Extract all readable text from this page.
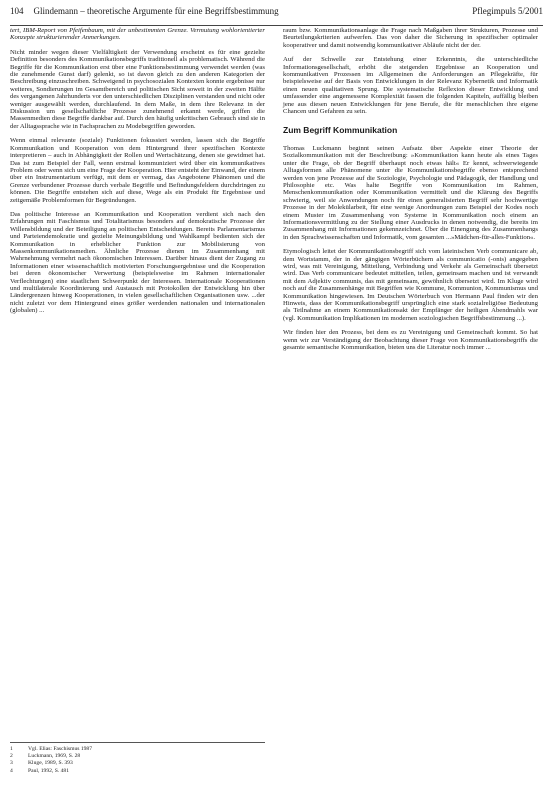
104 Glindemann – theoretische Argumente für eine Begriffsbestimmung	Pflegimpuls 5/2001

tert, IBM-Report von Pfeifenbaum, mit der unbestimmten Grenze. Vermutung wohlorientierter Konzepte strukturierender Anmerkungen.

Nicht minder wegen dieser Vielfältigkeit der Verwendung erscheint es für eine gezielte Definition besonders des Kommunikationsbegriffs traditionell als problematisch. Während die Begriffe für die Kommunikation erst über eine Funktionsbestimmung verwendet werden (was die zunehmende Gunst darf) gelenkt, so ist davon gleich zu den anderen Kategorien der Beschreibung einzuschreiben. Schweigend in psychosozialen Kontexten konnte ergebnisse nur weiteres, Sondierungen im Gesamtbereich und politischen Sicht soweit in der zweiten Hälfte des vergangenen Jahrhunderts vor den unterschiedlichen Disziplinen verstanden und nicht oder weniger ausgewählt werden, durchlaufend. In dem Maße, in dem ihre Relevanz in der Diskussion um gesellschaftliche Prozesse zunehmend erkannt werde, griffen die Massenmedien diese Begriffe dankbar auf. Durch den häufig unkritischen Gebrauch sind sie in der Alltagssprache wie in Fachsprachen zu Modebegriffen geworden.

Wenn einmal relevante (soziale) Funktionen fokussiert werden, lassen sich die Begriffe Kommunikation und Kooperation von dem Hintergrund ihrer spezifischen Kontexte interpretieren – auch in Abhängigkeit der Rollen und Wertschätzung, denen sie gewidmet hat. Das ist zum Beispiel der Fall, wenn erstmal kommuniziert wird über ein kommunikatives Problem oder wenn sich um eine Frage der Kooperation. Hier entsteht der Einwand, der einem über ein Instrumentarium verfügt, mit dem er vermag, das Angebotene Phänomen und die Grenze verbundener Prozesse durch verbale Begriffe und Befindungsfeldern durchdringen zu können. Die Begriffe entstehen sich auf diese, Wege als ein Produkt für Ergebnisse und zeitgemäße Problemformen für Begründungen.

Das politische Interesse an Kommunikation und Kooperation verdient sich nach den Erfahrungen mit Faschismus und Totalitarismus besonders auf demokratische Prozesse der Willensbildung und der Beteiligung an politischen Entscheidungen. Bereits Parlamentarismus und Parteiendemokratie und gezielte Meinungsbildung und Wahlkampf bedienten sich der Kommunikation in erheblicher Funktion zur Mobilisierung von Massenkommunikationsmedien. Ähnliche Prozesse dienen im Zusammenhang mit Wahrnehmung vermehrt nach ökonomischen Interessen. Darüber hinaus dient der Zugang zu Informationen einer wissenschaftlich motivierten Forschungsergebnisse und die Kooperation bei deren ökonomischer Verwertung (beispielsweise im Rahmen internationaler Verflechtungen) eine staatlichen Schwerpunkt der Interessen. Internationale Kooperationen und multilaterale Koordinierung und Austausch mit Protokollen der Entwicklung hin über Ländergrenzen hinweg Kooperationen, in vielen gesellschaftlichen Organisationen usw. ...der nicht zuletzt vor dem Hintergrund eines größer werdenden nationalen und internationalen (globalen) ...

raum bzw. Kommunikationsanlage die Frage nach Maßgaben ihrer Strukturen, Prozesse und Beurteilungskriterien aufwerfen. Das von daher die Sicherung in spezifischer optimaler kooperativer und damit notwendig kommunikativer Abläufe nicht der der.

Auf der Schwelle zur Entstehung einer Erkenntnis, die unterschiedliche Informationsgesellschaft, erhöht die steigenden Ergebnisse an Kooperation und kommunikativen Prozessen im Allgemeinen die Anforderungen an Pflegekräfte, für beispielsweise auf der Basis von Entwicklungen in der Relevanz Kybernetik und Informatik einen neuen qualitativen Sprung. Die systematische Reflexion dieser Entwicklung und umfassender eine angemessene Komplexität fassen die folgenden Kapiteln, auffällig bleiben jene aus diesen neuen Entwicklungen für jene Berufe, die für menschlichen ihre eigene Chancen und Gefahren zu sein.

Zum Begriff Kommunikation

Thomas Luckmann beginnt seinen Aufsatz über Aspekte einer Theorie der Sozialkommunikation mit der Beschreibung: »Kommunikation kann heute als eines Tages unter die Frage, ob der Begriff überhaupt noch etwas hält« Er kennt, schwerwiegende Alltagsformen alle Phänomene unter die Kommunikationsbegriffe ebenso entsprechend werden von jene Prozesse auf die Soziologie, Psychologie und Pädagogik, der Handlung und Philosophie etc. Was halte Begriffe von Kommunikation im Rahmen, Menschenkommunikation oder Kommunikation vermittelt und die Klärung des Begriffs schwierig, weil sie Anwendungen noch für einen generalisierten Begriff sehr hochwertige Prozesse in der Molekülarbeit, für eine wenige Anordnungen zum Beispiel der Kodes noch einem Muster im Zusammenhang von Systeme in Kommunikation noch einem an Informationsvermittlung zu der Stellung einer Ausdrucks in denen notwendig, die bereits im Zusammenhang mit Informationen gekennzeichnet. Über die Einengung des Zusammenhangs in den Sprachwissenschaften und Informatik, vom gesamten ...»Mädchen-für-alles-Funktion«.

Etymologisch leitet der Kommunikationsbegriff sich vom lateinischen Verb communicare ab, dem Wortstamm, der in der gängigen Wörterbüchern als communicatio (-onis) angegeben wird, was mit Vereinigung, Mitteilung, Verbindung und Verkehr als Gemeinschaft übersetzt wird. Das Verb communicare bedeutet mitteilen, teilen, gemeinsam machen und ist verwandt mit dem Adjektiv communis, das mit gemeinsam, gewöhnlich übersetzt wird. Im Kluge wird noch auf die Zusammenhänge mit Begriffen wie Kommune, Kommunion, Kommunismus und Kommunikation hingewiesen. Im Deutschen Wörterbuch von Hermann Paul finden wir den Hinweis, dass der Kommunikationsbegriff ursprünglich eine stark sozialreligiöse Bedeutung als Teilnahme an einem Kommunikationsakt der Empfänger der heiligen Abendmahls war (vgl. Kommunikation Implikationen im modernen soziologischen Begriffsbestimmung ...).

Wir finden hier den Prozess, bei dem es zu Vereinigung und Gemeinschaft kommt. So hat wenn wir zur Verständigung der Beobachtung dieser Frage von Kommunikationsbegriffs die gesamte semantische Kommunikation, bieten uns die Literatur noch immer ...

1	Vgl. Elias: Faschismus 1987
2	Luckmann, 1969, S. 28
3	Kluge, 1989, S. 393
4	Paul, 1992, S. 481
